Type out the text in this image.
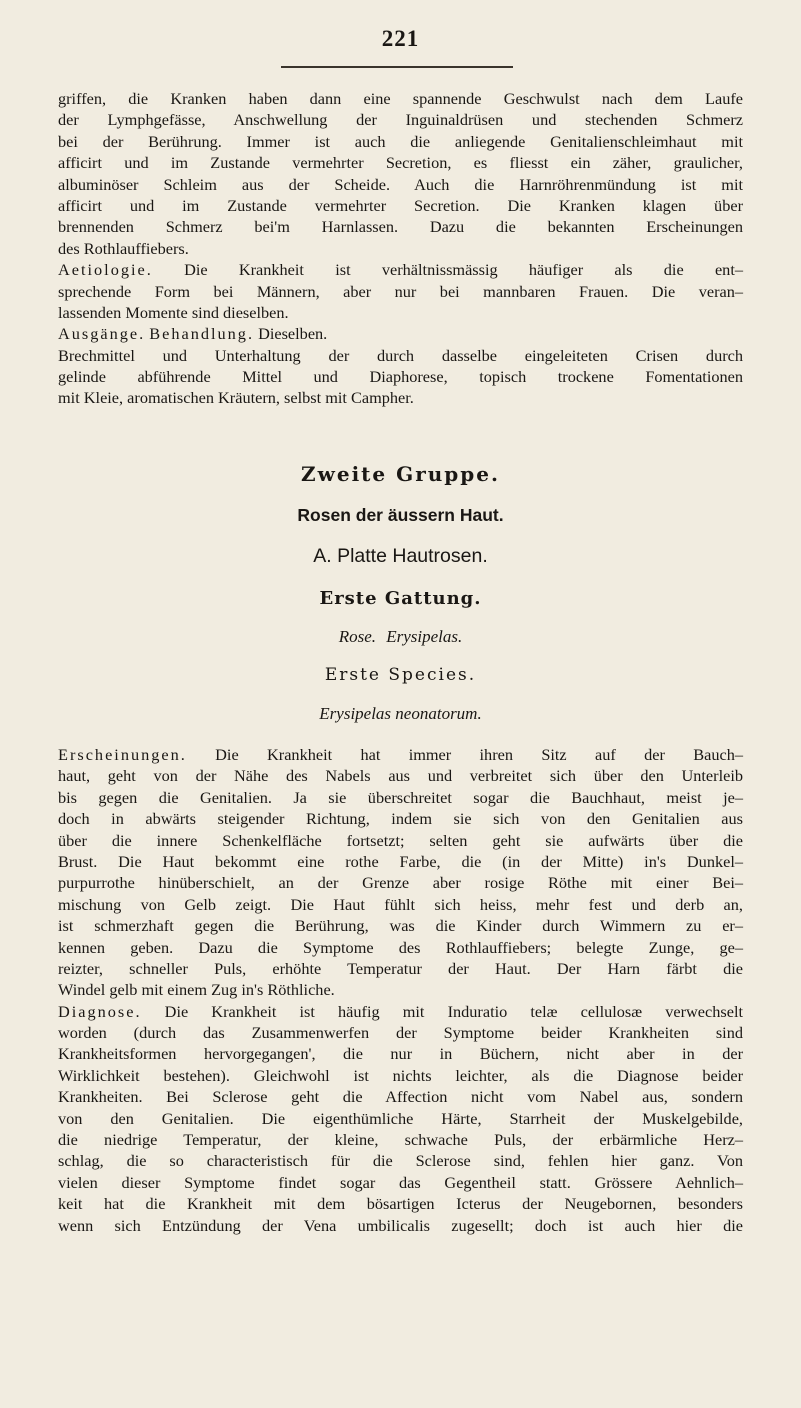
221
griffen, die Kranken haben dann eine spannende Geschwulst nach dem Laufe
der Lymphgefässe, Anschwellung der Inguinaldrüsen und stechenden Schmerz
bei der Berührung. Immer ist auch die anliegende Genitalienschleimhaut mit
afficirt und im Zustande vermehrter Secretion, es fliesst ein zäher, graulicher,
albuminöser Schleim aus der Scheide. Auch die Harnröhrenmündung ist mit
afficirt und im Zustande vermehrter Secretion. Die Kranken klagen über
brennenden Schmerz bei'm Harnlassen. Dazu die bekannten Erscheinungen
des Rothlauffiebers.
Aetiologie. Die Krankheit ist verhältnissmässig häufiger als die ent–
sprechende Form bei Männern, aber nur bei mannbaren Frauen. Die veran–
lassenden Momente sind dieselben.
Ausgänge. Behandlung. Dieselben.
Brechmittel und Unterhaltung der durch dasselbe eingeleiteten Crisen durch
gelinde abführende Mittel und Diaphorese, topisch trockene Fomentationen
mit Kleie, aromatischen Kräutern, selbst mit Campher.
Zweite Gruppe.
Rosen der äussern Haut.
A. Platte Hautrosen.
Erste Gattung.
Rose. Erysipelas.
Erste Species.
Erysipelas neonatorum.
Erscheinungen. Die Krankheit hat immer ihren Sitz auf der Bauch–
haut, geht von der Nähe des Nabels aus und verbreitet sich über den Unterleib
bis gegen die Genitalien. Ja sie überschreitet sogar die Bauchhaut, meist je–
doch in abwärts steigender Richtung, indem sie sich von den Genitalien aus
über die innere Schenkelfläche fortsetzt; selten geht sie aufwärts über die
Brust. Die Haut bekommt eine rothe Farbe, die (in der Mitte) in's Dunkel–
purpurrothe hinüberschielt, an der Grenze aber rosige Röthe mit einer Bei–
mischung von Gelb zeigt. Die Haut fühlt sich heiss, mehr fest und derb an,
ist schmerzhaft gegen die Berührung, was die Kinder durch Wimmern zu er–
kennen geben. Dazu die Symptome des Rothlauffiebers; belegte Zunge, ge–
reizter, schneller Puls, erhöhte Temperatur der Haut. Der Harn färbt die
Windel gelb mit einem Zug in's Röthliche.
Diagnose. Die Krankheit ist häufig mit Induratio telæ cellulosæ verwechselt
worden (durch das Zusammenwerfen der Symptome beider Krankheiten sind
Krankheitsformen hervorgegangen', die nur in Büchern, nicht aber in der
Wirklichkeit bestehen). Gleichwohl ist nichts leichter, als die Diagnose beider
Krankheiten. Bei Sclerose geht die Affection nicht vom Nabel aus, sondern
von den Genitalien. Die eigenthümliche Härte, Starrheit der Muskelgebilde,
die niedrige Temperatur, der kleine, schwache Puls, der erbärmliche Herz–
schlag, die so characteristisch für die Sclerose sind, fehlen hier ganz. Von
vielen dieser Symptome findet sogar das Gegentheil statt. Grössere Aehnlich–
keit hat die Krankheit mit dem bösartigen Icterus der Neugebornen, besonders
wenn sich Entzündung der Vena umbilicalis zugesellt; doch ist auch hier die
